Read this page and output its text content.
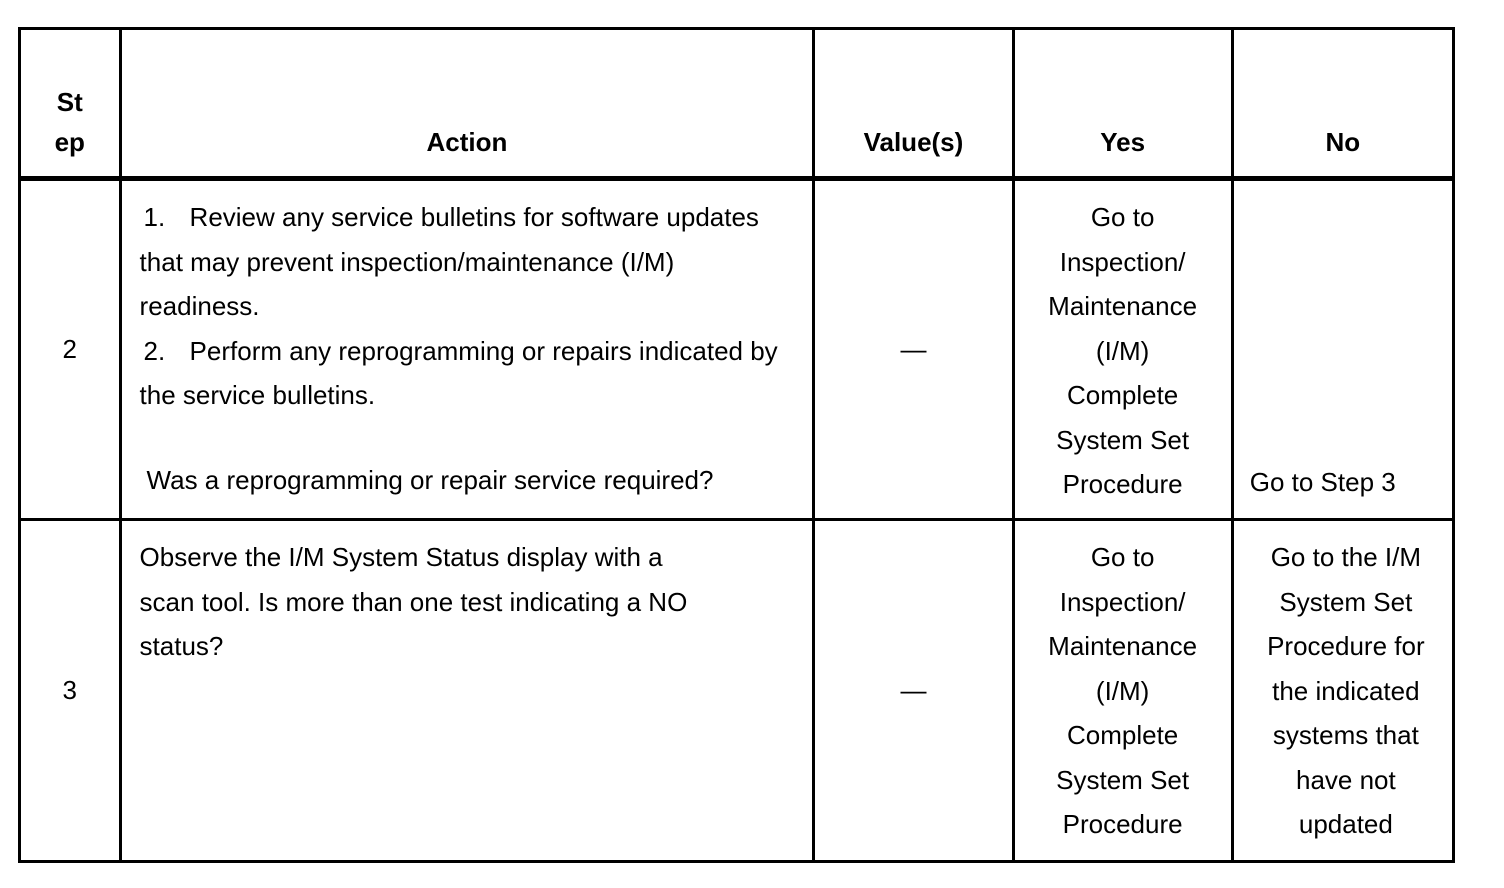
St ep	Action	Value(s)	Yes	No
2	1. Review any service bulletins for software updates that may prevent inspection/maintenance (I/M) readiness.
2. Perform any reprogramming or repairs indicated by the service bulletins.
Was a reprogramming or repair service required?	—	Go to Inspection/ Maintenance (I/M) Complete System Set Procedure	Go to Step 3
3	Observe the I/M System Status display with a scan tool. Is more than one test indicating a NO status?	—	Go to Inspection/ Maintenance (I/M) Complete System Set Procedure	Go to the I/M System Set Procedure for the indicated systems that have not updated
